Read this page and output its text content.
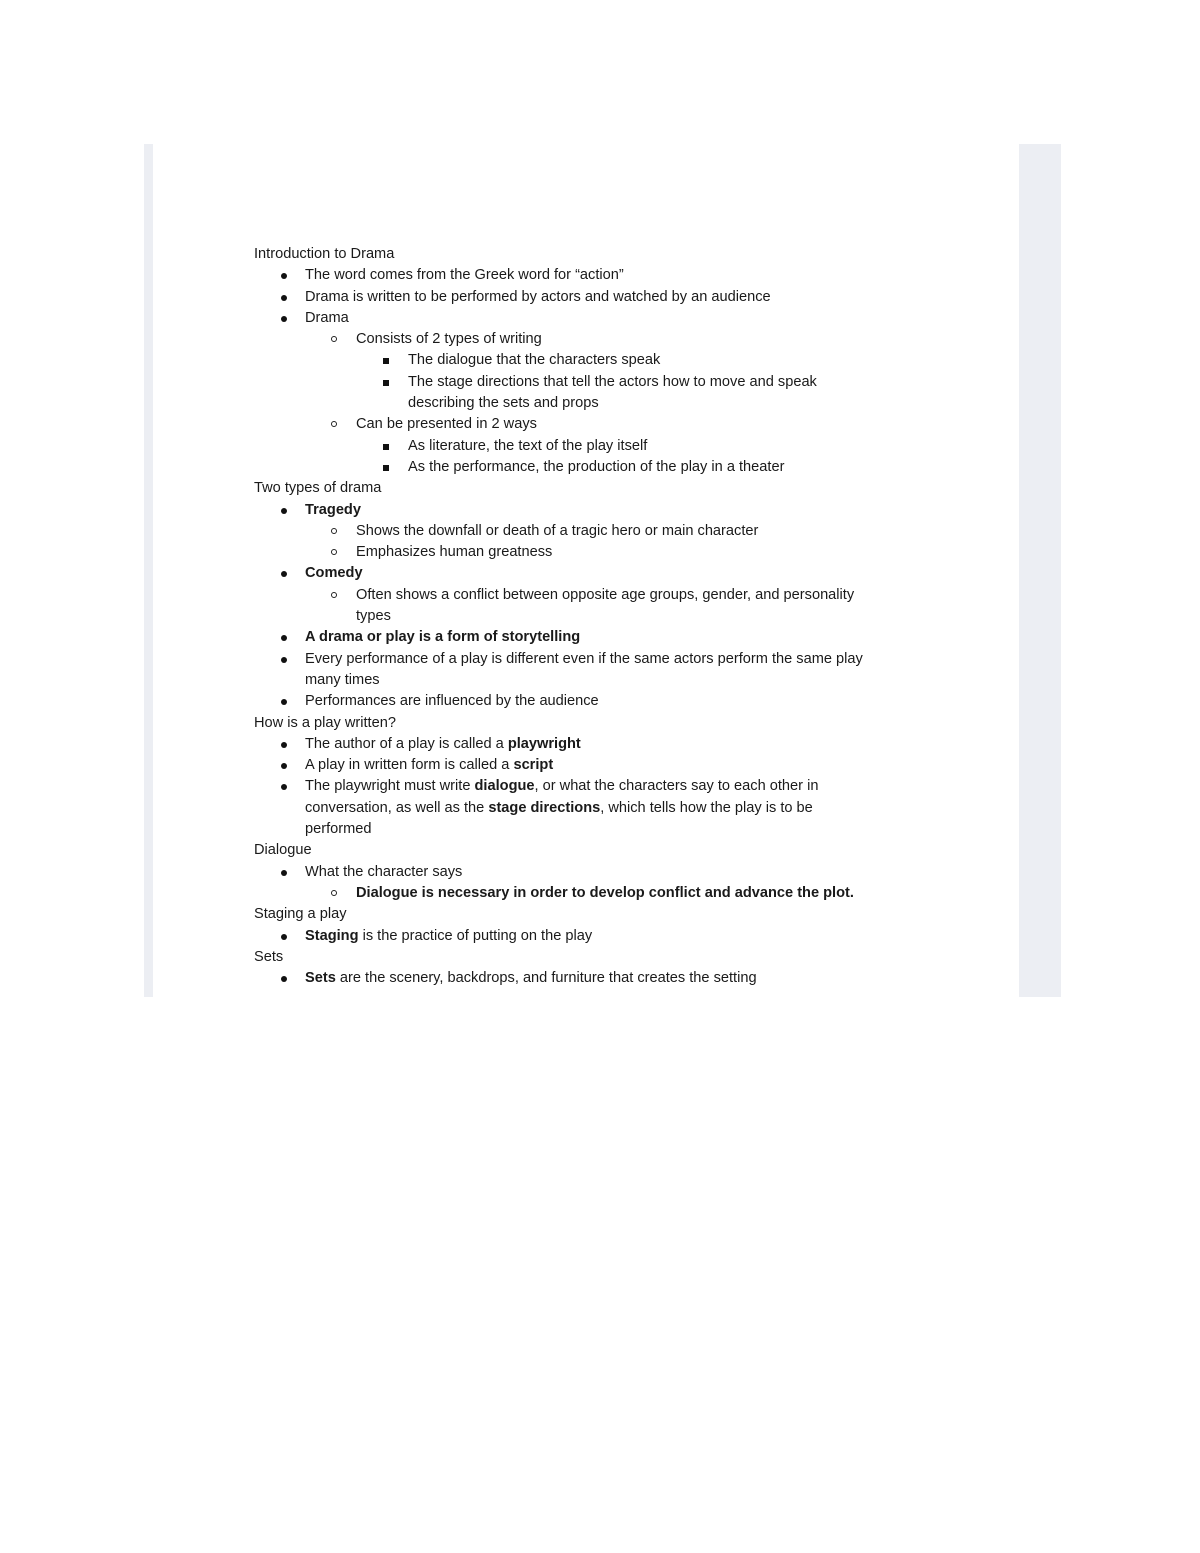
Introduction to Drama
The word comes from the Greek word for “action”
Drama is written to be performed by actors and watched by an audience
Drama
Consists of 2 types of writing
The dialogue that the characters speak
The stage directions that tell the actors how to move and speak
describing the sets and props
Can be presented in 2 ways
As literature, the text of the play itself
As the performance, the production of the play in a theater
Two types of drama
Tragedy
Shows the downfall or death of a tragic hero or main character
Emphasizes human greatness
Comedy
Often shows a conflict between opposite age groups, gender, and personality
types
A drama or play is a form of storytelling
Every performance of a play is different even if the same actors perform the same play
many times
Performances are influenced by the audience
How is a play written?
The author of a play is called a playwright
A play in written form is called a script
The playwright must write dialogue, or what the characters say to each other in
conversation, as well as the stage directions, which tells how the play is to be
performed
Dialogue
What the character says
Dialogue is necessary in order to develop conflict and advance the plot.
Staging a play
Staging is the practice of putting on the play
Sets
Sets are the scenery, backdrops, and furniture that creates the setting
